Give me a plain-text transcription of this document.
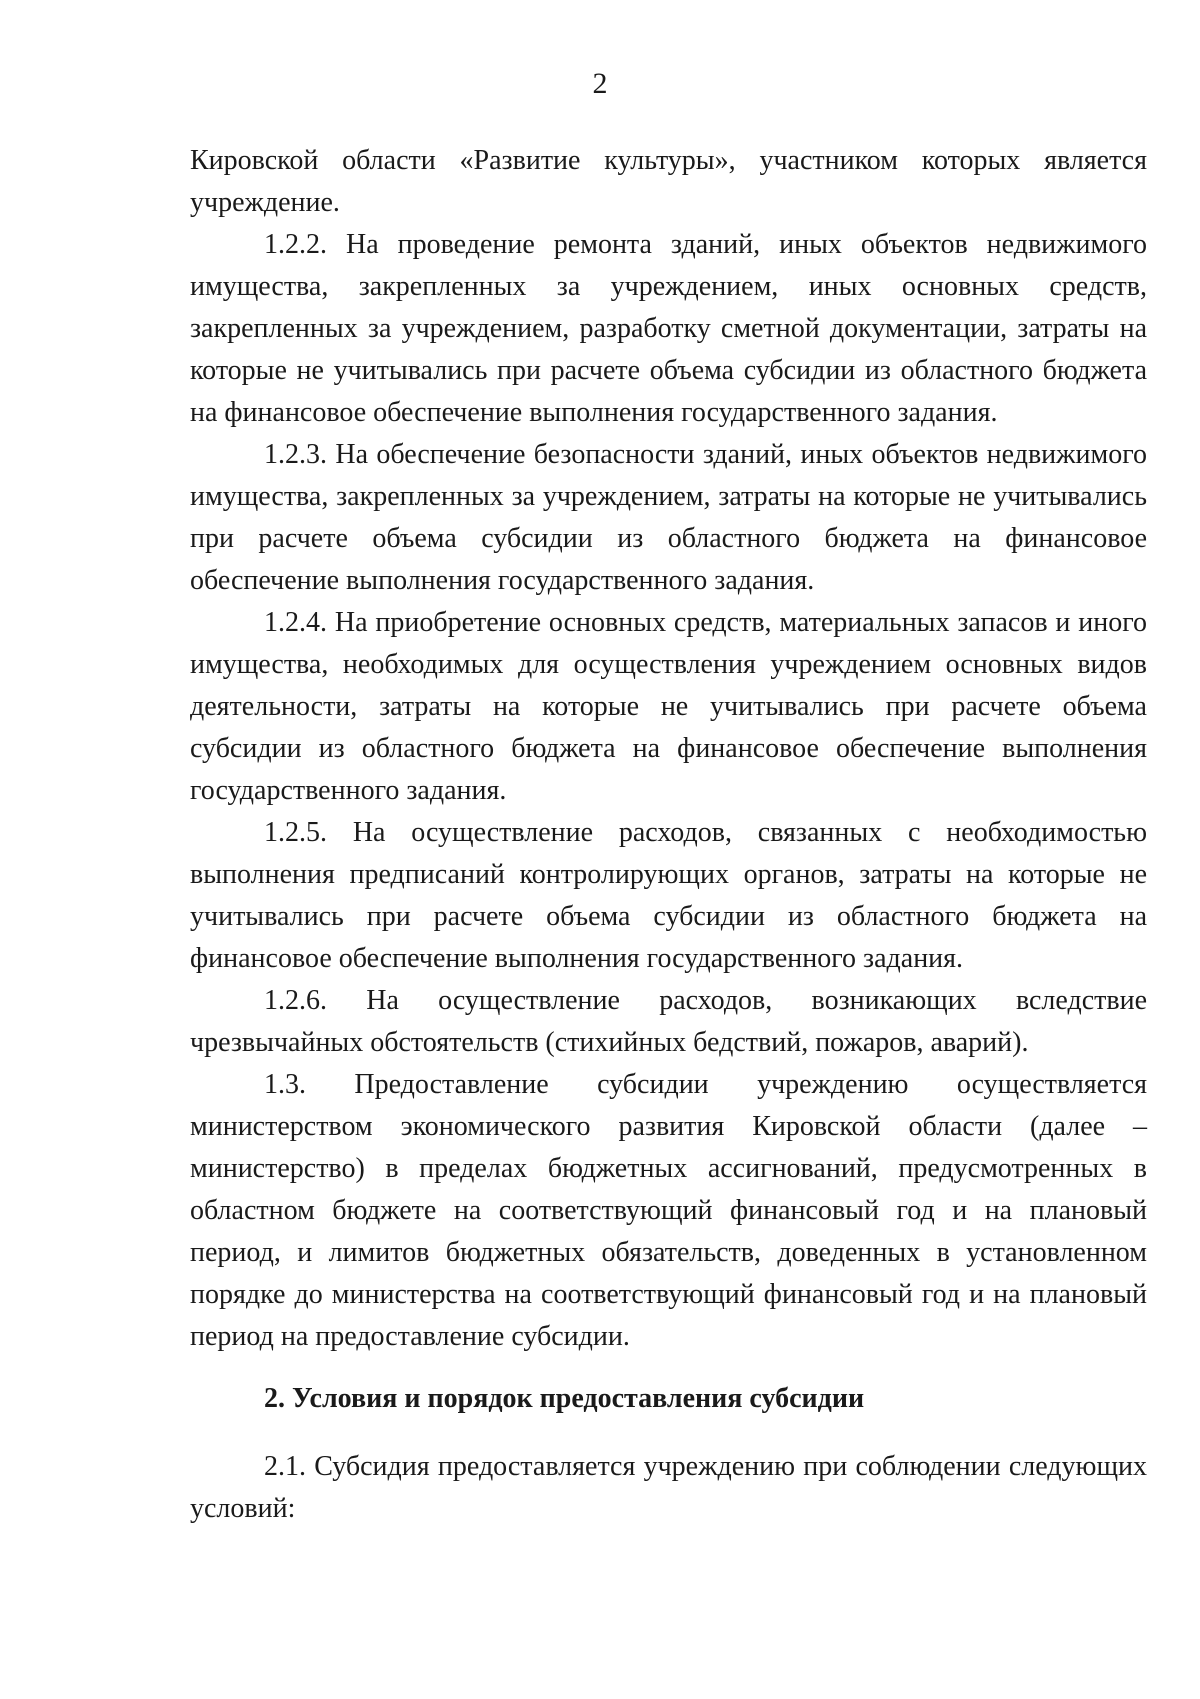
2

Кировской области «Развитие культуры», участником которых является учреждение.

1.2.2. На проведение ремонта зданий, иных объектов недвижимого имущества, закрепленных за учреждением, иных основных средств, закрепленных за учреждением, разработку сметной документации, затраты на которые не учитывались при расчете объема субсидии из областного бюджета на финансовое обеспечение выполнения государственного задания.

1.2.3. На обеспечение безопасности зданий, иных объектов недвижимого имущества, закрепленных за учреждением, затраты на которые не учитывались при расчете объема субсидии из областного бюджета на финансовое обеспечение выполнения государственного задания.

1.2.4. На приобретение основных средств, материальных запасов и иного имущества, необходимых для осуществления учреждением основных видов деятельности, затраты на которые не учитывались при расчете объема субсидии из областного бюджета на финансовое обеспечение выполнения государственного задания.

1.2.5. На осуществление расходов, связанных с необходимостью выполнения предписаний контролирующих органов, затраты на которые не учитывались при расчете объема субсидии из областного бюджета на финансовое обеспечение выполнения государственного задания.

1.2.6. На осуществление расходов, возникающих вследствие чрезвычайных обстоятельств (стихийных бедствий, пожаров, аварий).

1.3. Предоставление субсидии учреждению осуществляется министерством экономического развития Кировской области (далее – министерство) в пределах бюджетных ассигнований, предусмотренных в областном бюджете на соответствующий финансовый год и на плановый период, и лимитов бюджетных обязательств, доведенных в установленном порядке до министерства на соответствующий финансовый год и на плановый период на предоставление субсидии.

2. Условия и порядок предоставления субсидии

2.1. Субсидия предоставляется учреждению при соблюдении следующих условий:
